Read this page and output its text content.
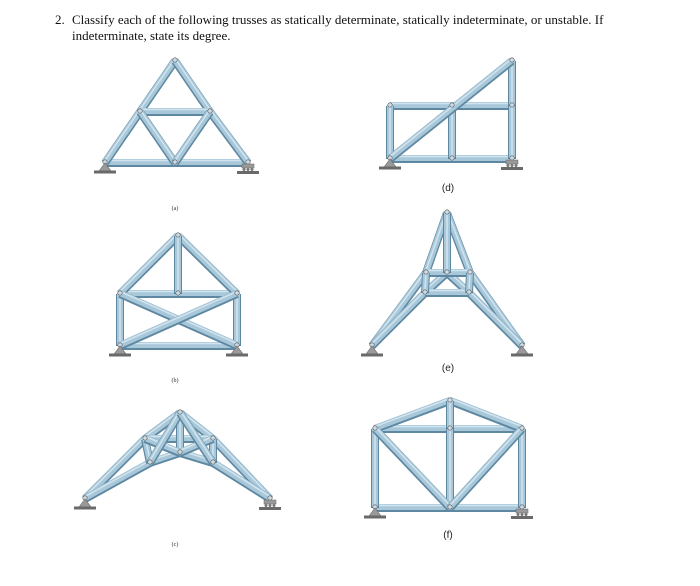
2. Classify each of the following trusses as statically determinate, statically indeterminate, or unstable. If indeterminate, state its degree.
(a)
(b)
(c)
(d)
(e)
(f)
